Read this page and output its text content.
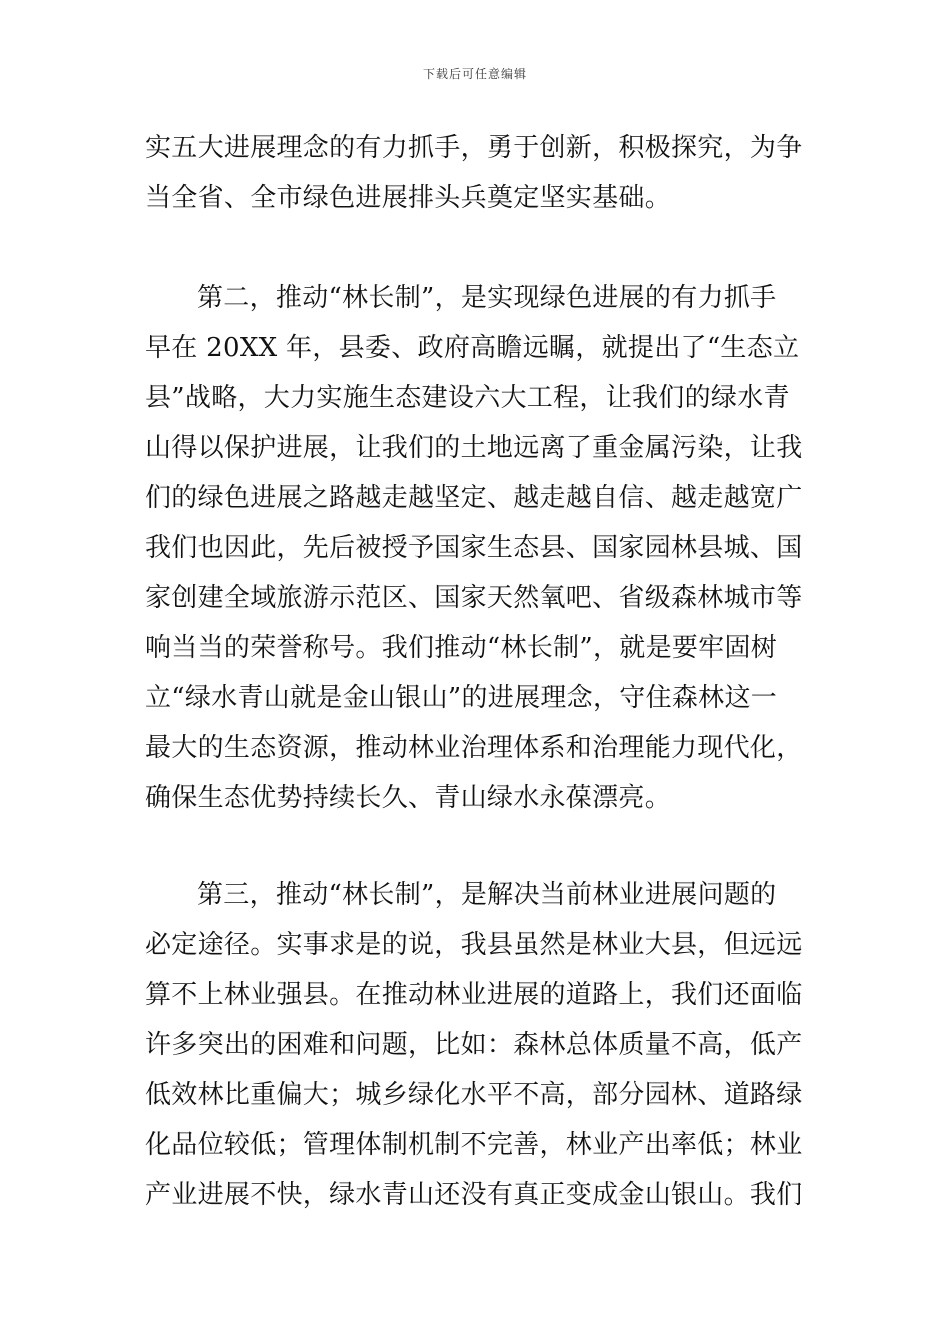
下载后可任意编辑
实五大进展理念的有力抓手，勇于创新，积极探究，为争
当全省、全市绿色进展排头兵奠定坚实基础。
第二，推动“林长制”，是实现绿色进展的有力抓手
早在 20XX 年，县委、政府高瞻远瞩，就提出了“生态立
县”战略，大力实施生态建设六大工程，让我们的绿水青
山得以保护进展，让我们的土地远离了重金属污染，让我
们的绿色进展之路越走越坚定、越走越自信、越走越宽广
我们也因此，先后被授予国家生态县、国家园林县城、国
家创建全域旅游示范区、国家天然氧吧、省级森林城市等
响当当的荣誉称号。我们推动“林长制”，就是要牢固树
立“绿水青山就是金山银山”的进展理念，守住森林这一
最大的生态资源，推动林业治理体系和治理能力现代化，
确保生态优势持续长久、青山绿水永葆漂亮。
第三，推动“林长制”，是解决当前林业进展问题的
必定途径。实事求是的说，我县虽然是林业大县，但远远
算不上林业强县。在推动林业进展的道路上，我们还面临
许多突出的困难和问题，比如：森林总体质量不高，低产
低效林比重偏大；城乡绿化水平不高，部分园林、道路绿
化品位较低；管理体制机制不完善，林业产出率低；林业
产业进展不快，绿水青山还没有真正变成金山银山。我们
